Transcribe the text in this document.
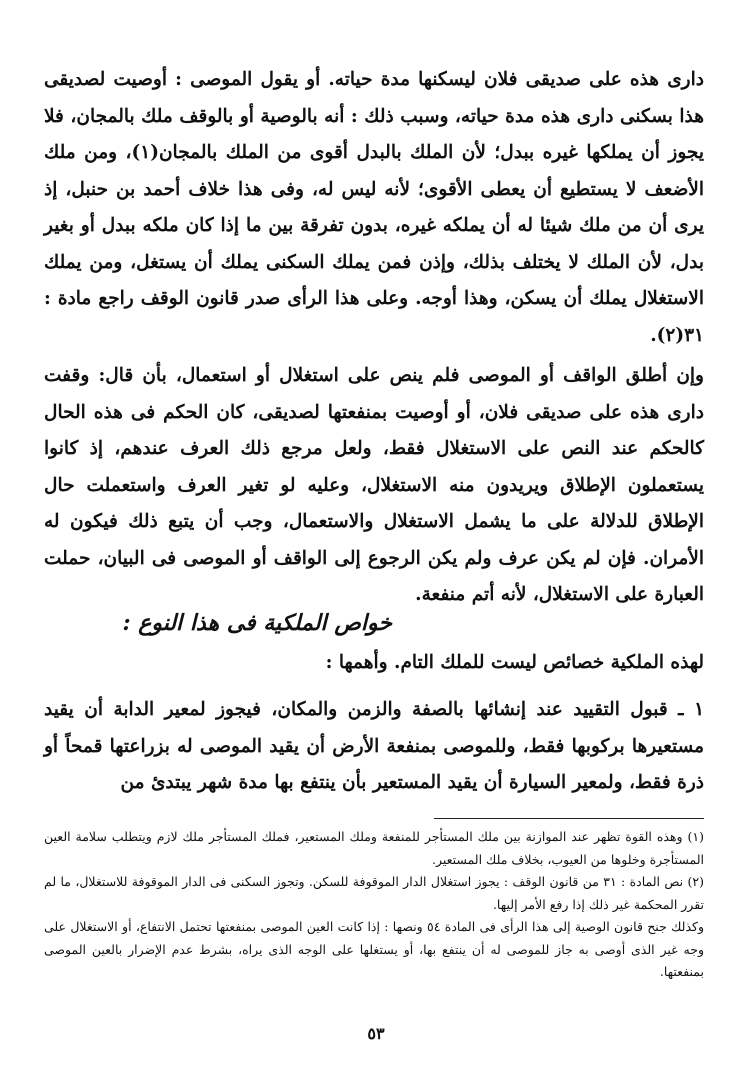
دارى هذه على صديقى فلان ليسكنها مدة حياته. أو يقول الموصى : أوصيت لصديقى هذا بسكنى دارى هذه مدة حياته، وسبب ذلك : أنه بالوصية أو بالوقف ملك بالمجان، فلا يجوز أن يملكها غيره ببدل؛ لأن الملك بالبدل أقوى من الملك بالمجان(١)، ومن ملك الأضعف لا يستطيع أن يعطى الأقوى؛ لأنه ليس له، وفى هذا خلاف أحمد بن حنبل، إذ يرى أن من ملك شيئا له أن يملكه غيره، بدون تفرقة بين ما إذا كان ملكه ببدل أو بغير بدل، لأن الملك لا يختلف بذلك، وإذن فمن يملك السكنى يملك أن يستغل، ومن يملك الاستغلال يملك أن يسكن، وهذا أوجه. وعلى هذا الرأى صدر قانون الوقف راجع مادة : ٣١(٢).
وإن أطلق الواقف أو الموصى فلم ينص على استغلال أو استعمال، بأن قال: وقفت دارى هذه على صديقى فلان، أو أوصيت بمنفعتها لصديقى، كان الحكم فى هذه الحال كالحكم عند النص على الاستغلال فقط، ولعل مرجع ذلك العرف عندهم، إذ كانوا يستعملون الإطلاق ويريدون منه الاستغلال، وعليه لو تغير العرف واستعملت حال الإطلاق للدلالة على ما يشمل الاستغلال والاستعمال، وجب أن يتبع ذلك فيكون له الأمران. فإن لم يكن عرف ولم يكن الرجوع إلى الواقف أو الموصى فى البيان، حملت العبارة على الاستغلال، لأنه أتم منفعة.
خواص الملكية فى هذا النوع :
لهذه الملكية خصائص ليست للملك التام. وأهمها :
١ ـ قبول التقييد عند إنشائها بالصفة والزمن والمكان، فيجوز لمعير الدابة أن يقيد مستعيرها بركوبها فقط، وللموصى بمنفعة الأرض أن يقيد الموصى له بزراعتها قمحاً أو ذرة فقط، ولمعير السيارة أن يقيد المستعير بأن ينتفع بها مدة شهر يبتدئ من

(١) وهذه القوة تظهر عند الموازنة بين ملك المستأجر للمنفعة وملك المستعير، فملك المستأجر ملك لازم ويتطلب سلامة العين المستأجرة وخلوها من العيوب، بخلاف ملك المستعير.

(٢) نص المادة : ٣١ من قانون الوقف : يجوز استغلال الدار الموقوفة للسكن. وتجوز السكنى فى الدار الموقوفة للاستغلال، ما لم تقرر المحكمة غير ذلك إذا رفع الأمر إليها.

وكذلك جنح قانون الوصية إلى هذا الرأى فى المادة ٥٤ ونصها : إذا كانت العين الموصى بمنفعتها تحتمل الانتفاع، أو الاستغلال على وجه غير الذى أوصى به جاز للموصى له أن ينتفع بها، أو يستغلها على الوجه الذى يراه، بشرط عدم الإضرار بالعين الموصى بمنفعتها.

٥٣
